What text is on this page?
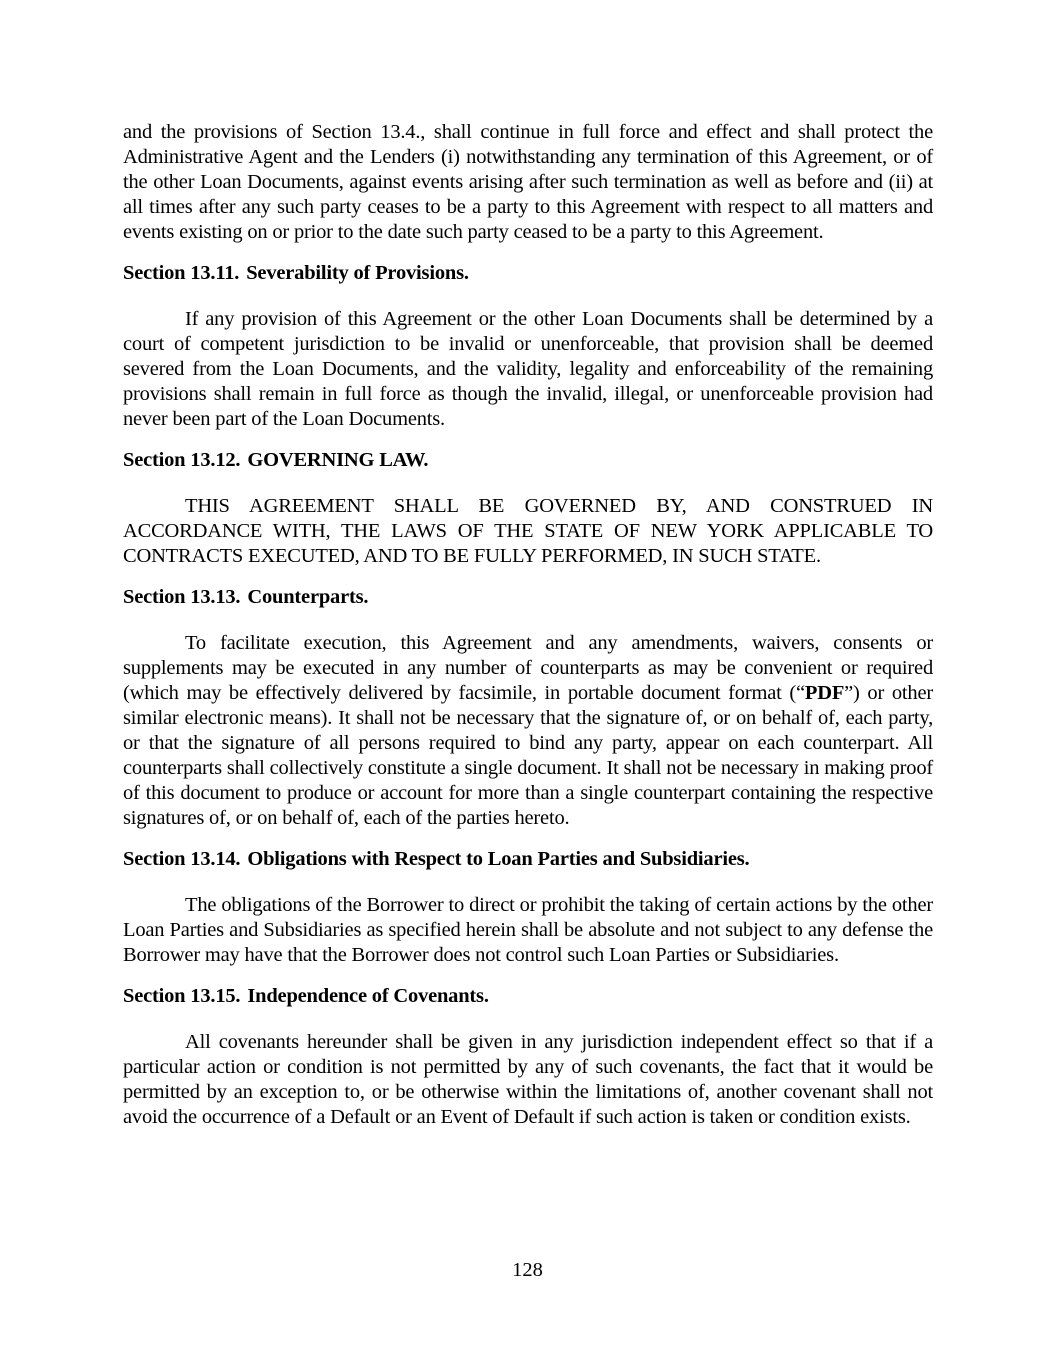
and the provisions of Section 13.4., shall continue in full force and effect and shall protect the Administrative Agent and the Lenders (i) notwithstanding any termination of this Agreement, or of the other Loan Documents, against events arising after such termination as well as before and (ii) at all times after any such party ceases to be a party to this Agreement with respect to all matters and events existing on or prior to the date such party ceased to be a party to this Agreement.

Section 13.11. Severability of Provisions.

If any provision of this Agreement or the other Loan Documents shall be determined by a court of competent jurisdiction to be invalid or unenforceable, that provision shall be deemed severed from the Loan Documents, and the validity, legality and enforceability of the remaining provisions shall remain in full force as though the invalid, illegal, or unenforceable provision had never been part of the Loan Documents.

Section 13.12. GOVERNING LAW.

THIS AGREEMENT SHALL BE GOVERNED BY, AND CONSTRUED IN ACCORDANCE WITH, THE LAWS OF THE STATE OF NEW YORK APPLICABLE TO CONTRACTS EXECUTED, AND TO BE FULLY PERFORMED, IN SUCH STATE.

Section 13.13. Counterparts.

To facilitate execution, this Agreement and any amendments, waivers, consents or supplements may be executed in any number of counterparts as may be convenient or required (which may be effectively delivered by facsimile, in portable document format (“PDF”) or other similar electronic means). It shall not be necessary that the signature of, or on behalf of, each party, or that the signature of all persons required to bind any party, appear on each counterpart. All counterparts shall collectively constitute a single document. It shall not be necessary in making proof of this document to produce or account for more than a single counterpart containing the respective signatures of, or on behalf of, each of the parties hereto.

Section 13.14. Obligations with Respect to Loan Parties and Subsidiaries.

The obligations of the Borrower to direct or prohibit the taking of certain actions by the other Loan Parties and Subsidiaries as specified herein shall be absolute and not subject to any defense the Borrower may have that the Borrower does not control such Loan Parties or Subsidiaries.

Section 13.15. Independence of Covenants.

All covenants hereunder shall be given in any jurisdiction independent effect so that if a particular action or condition is not permitted by any of such covenants, the fact that it would be permitted by an exception to, or be otherwise within the limitations of, another covenant shall not avoid the occurrence of a Default or an Event of Default if such action is taken or condition exists.

128
